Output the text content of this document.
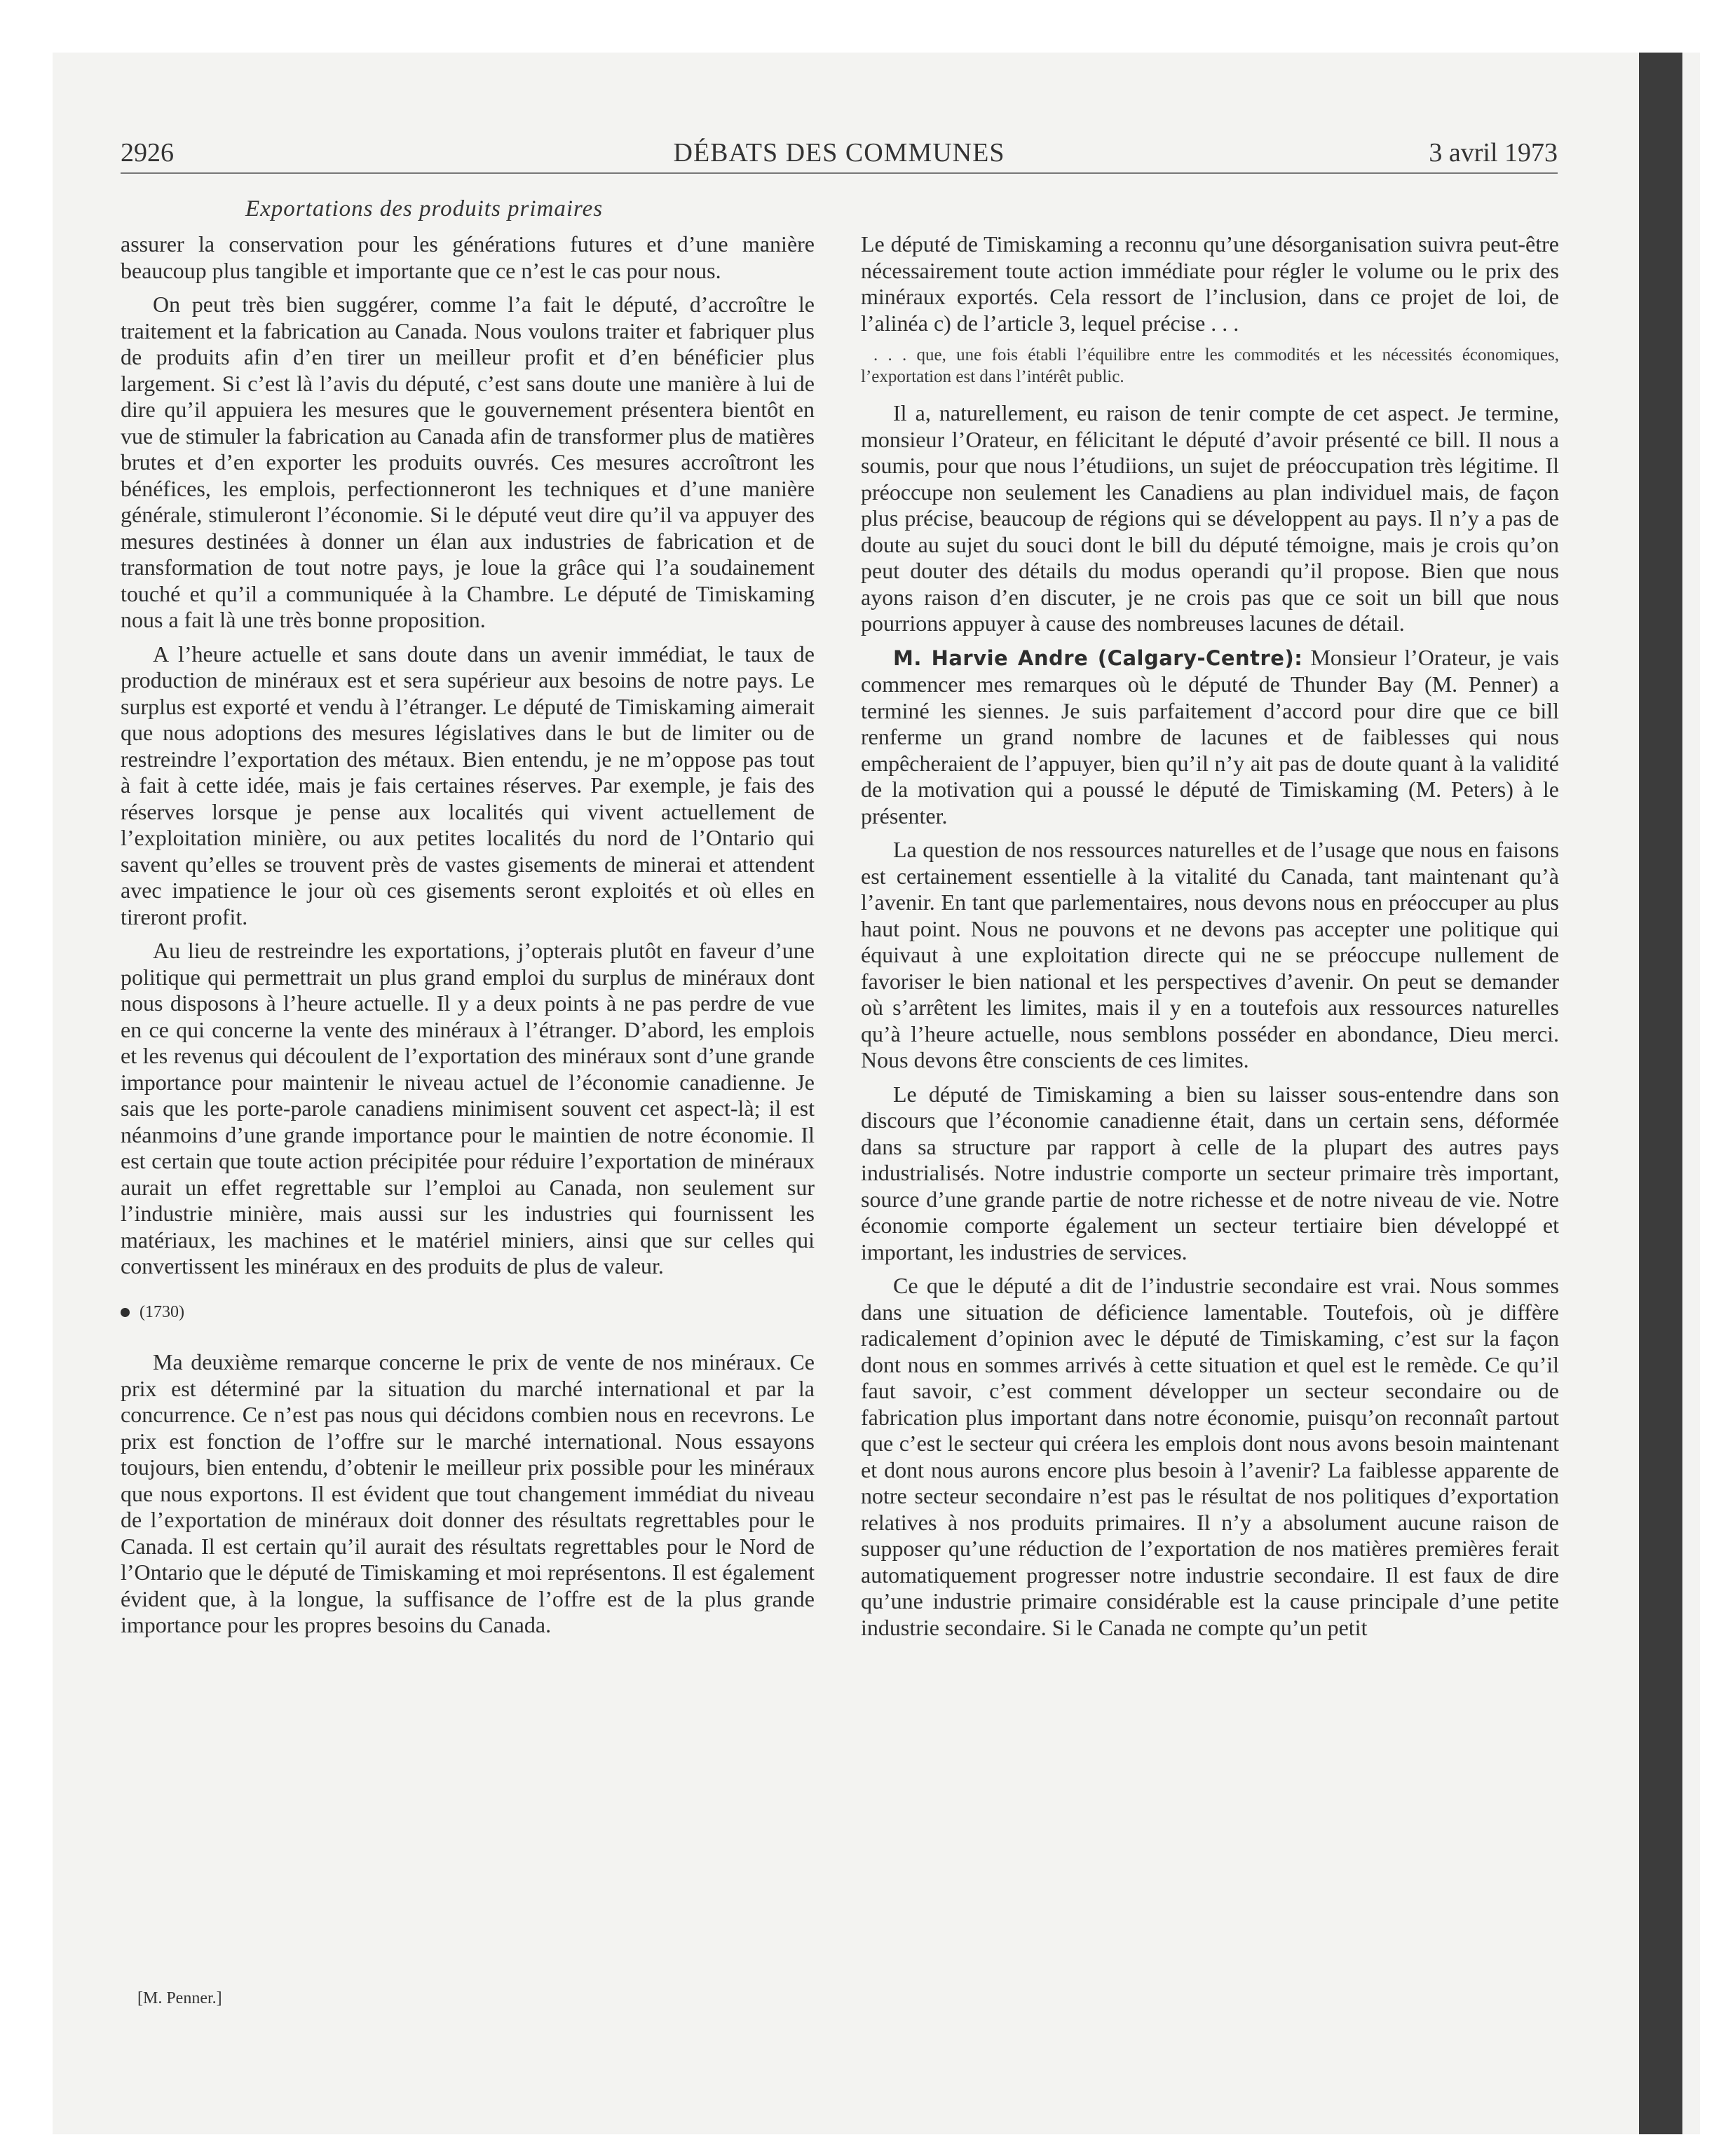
2926	DÉBATS DES COMMUNES	3 avril 1973
Exportations des produits primaires

assurer la conservation pour les générations futures et d’une manière beaucoup plus tangible et importante que ce n’est le cas pour nous.

On peut très bien suggérer, comme l’a fait le député, d’accroître le traitement et la fabrication au Canada. Nous voulons traiter et fabriquer plus de produits afin d’en tirer un meilleur profit et d’en bénéficier plus largement. Si c’est là l’avis du député, c’est sans doute une manière à lui de dire qu’il appuiera les mesures que le gouvernement présentera bientôt en vue de stimuler la fabrication au Canada afin de transformer plus de matières brutes et d’en exporter les produits ouvrés. Ces mesures accroîtront les bénéfices, les emplois, perfectionneront les techniques et d’une manière générale, stimuleront l’économie. Si le député veut dire qu’il va appuyer des mesures destinées à donner un élan aux industries de fabrication et de transformation de tout notre pays, je loue la grâce qui l’a soudainement touché et qu’il a communiquée à la Chambre. Le député de Timiskaming nous a fait là une très bonne proposition.

A l’heure actuelle et sans doute dans un avenir immédiat, le taux de production de minéraux est et sera supérieur aux besoins de notre pays. Le surplus est exporté et vendu à l’étranger. Le député de Timiskaming aimerait que nous adoptions des mesures législatives dans le but de limiter ou de restreindre l’exportation des métaux. Bien entendu, je ne m’oppose pas tout à fait à cette idée, mais je fais certaines réserves. Par exemple, je fais des réserves lorsque je pense aux localités qui vivent actuellement de l’exploitation minière, ou aux petites localités du nord de l’Ontario qui savent qu’elles se trouvent près de vastes gisements de minerai et attendent avec impatience le jour où ces gisements seront exploités et où elles en tireront profit.

Au lieu de restreindre les exportations, j’opterais plutôt en faveur d’une politique qui permettrait un plus grand emploi du surplus de minéraux dont nous disposons à l’heure actuelle. Il y a deux points à ne pas perdre de vue en ce qui concerne la vente des minéraux à l’étranger. D’abord, les emplois et les revenus qui découlent de l’exportation des minéraux sont d’une grande importance pour maintenir le niveau actuel de l’économie canadienne. Je sais que les porte-parole canadiens minimisent souvent cet aspect-là; il est néanmoins d’une grande importance pour le maintien de notre économie. Il est certain que toute action précipitée pour réduire l’exportation de minéraux aurait un effet regrettable sur l’emploi au Canada, non seulement sur l’industrie minière, mais aussi sur les industries qui fournissent les matériaux, les machines et le matériel miniers, ainsi que sur celles qui convertissent les minéraux en des produits de plus de valeur.

(1730)

Ma deuxième remarque concerne le prix de vente de nos minéraux. Ce prix est déterminé par la situation du marché international et par la concurrence. Ce n’est pas nous qui décidons combien nous en recevrons. Le prix est fonction de l’offre sur le marché international. Nous essayons toujours, bien entendu, d’obtenir le meilleur prix possible pour les minéraux que nous exportons. Il est évident que tout changement immédiat du niveau de l’exportation de minéraux doit donner des résultats regrettables pour le Canada. Il est certain qu’il aurait des résultats regrettables pour le Nord de l’Ontario que le député de Timiskaming et moi représentons. Il est également évident que, à la longue, la suffisance de l’offre est de la plus grande importance pour les propres besoins du Canada.

Le député de Timiskaming a reconnu qu’une désorganisation suivra peut-être nécessairement toute action immédiate pour régler le volume ou le prix des minéraux exportés. Cela ressort de l’inclusion, dans ce projet de loi, de l’alinéa c) de l’article 3, lequel précise . . .

. . . que, une fois établi l’équilibre entre les commodités et les nécessités économiques, l’exportation est dans l’intérêt public.

Il a, naturellement, eu raison de tenir compte de cet aspect. Je termine, monsieur l’Orateur, en félicitant le député d’avoir présenté ce bill. Il nous a soumis, pour que nous l’étudiions, un sujet de préoccupation très légitime. Il préoccupe non seulement les Canadiens au plan individuel mais, de façon plus précise, beaucoup de régions qui se développent au pays. Il n’y a pas de doute au sujet du souci dont le bill du député témoigne, mais je crois qu’on peut douter des détails du modus operandi qu’il propose. Bien que nous ayons raison d’en discuter, je ne crois pas que ce soit un bill que nous pourrions appuyer à cause des nombreuses lacunes de détail.

M. Harvie Andre (Calgary-Centre): Monsieur l’Orateur, je vais commencer mes remarques où le député de Thunder Bay (M. Penner) a terminé les siennes. Je suis parfaitement d’accord pour dire que ce bill renferme un grand nombre de lacunes et de faiblesses qui nous empêcheraient de l’appuyer, bien qu’il n’y ait pas de doute quant à la validité de la motivation qui a poussé le député de Timiskaming (M. Peters) à le présenter.

La question de nos ressources naturelles et de l’usage que nous en faisons est certainement essentielle à la vitalité du Canada, tant maintenant qu’à l’avenir. En tant que parlementaires, nous devons nous en préoccuper au plus haut point. Nous ne pouvons et ne devons pas accepter une politique qui équivaut à une exploitation directe qui ne se préoccupe nullement de favoriser le bien national et les perspectives d’avenir. On peut se demander où s’arrêtent les limites, mais il y en a toutefois aux ressources naturelles qu’à l’heure actuelle, nous semblons posséder en abondance, Dieu merci. Nous devons être conscients de ces limites.

Le député de Timiskaming a bien su laisser sous-entendre dans son discours que l’économie canadienne était, dans un certain sens, déformée dans sa structure par rapport à celle de la plupart des autres pays industrialisés. Notre industrie comporte un secteur primaire très important, source d’une grande partie de notre richesse et de notre niveau de vie. Notre économie comporte également un secteur tertiaire bien développé et important, les industries de services.

Ce que le député a dit de l’industrie secondaire est vrai. Nous sommes dans une situation de déficience lamentable. Toutefois, où je diffère radicalement d’opinion avec le député de Timiskaming, c’est sur la façon dont nous en sommes arrivés à cette situation et quel est le remède. Ce qu’il faut savoir, c’est comment développer un secteur secondaire ou de fabrication plus important dans notre économie, puisqu’on reconnaît partout que c’est le secteur qui créera les emplois dont nous avons besoin maintenant et dont nous aurons encore plus besoin à l’avenir? La faiblesse apparente de notre secteur secondaire n’est pas le résultat de nos politiques d’exportation relatives à nos produits primaires. Il n’y a absolument aucune raison de supposer qu’une réduction de l’exportation de nos matières premières ferait automatiquement progresser notre industrie secondaire. Il est faux de dire qu’une industrie primaire considérable est la cause principale d’une petite industrie secondaire. Si le Canada ne compte qu’un petit

[M. Penner.]
